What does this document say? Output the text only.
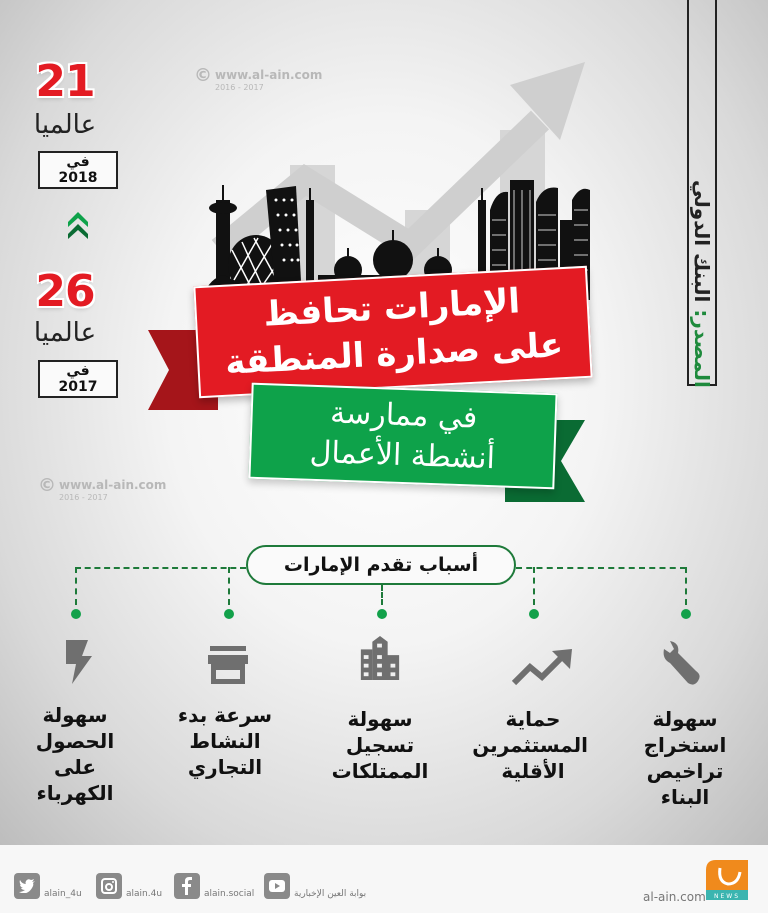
© www.al-ain.com
2016 - 2017
© www.al-ain.com
2016 - 2017
21
عالميا
في 2018
26
عالميا
في 2017	المصدر: البنك الدولي
الإمارات تحافظ
على صدارة المنطقة
في ممارسة
أنشطة الأعمال
أسباب تقدم الإمارات
سهولة
الحصول
على
الكهرباء
سرعة بدء
النشاط
التجاري
سهولة
تسجيل
الممتلكات
حماية
المستثمرين
الأقلية
سهولة
استخراج
تراخيص
البناء
alain_4u	alain.4u	alain.social	بوابة العين الإخبارية	al-ain.com NEWS
